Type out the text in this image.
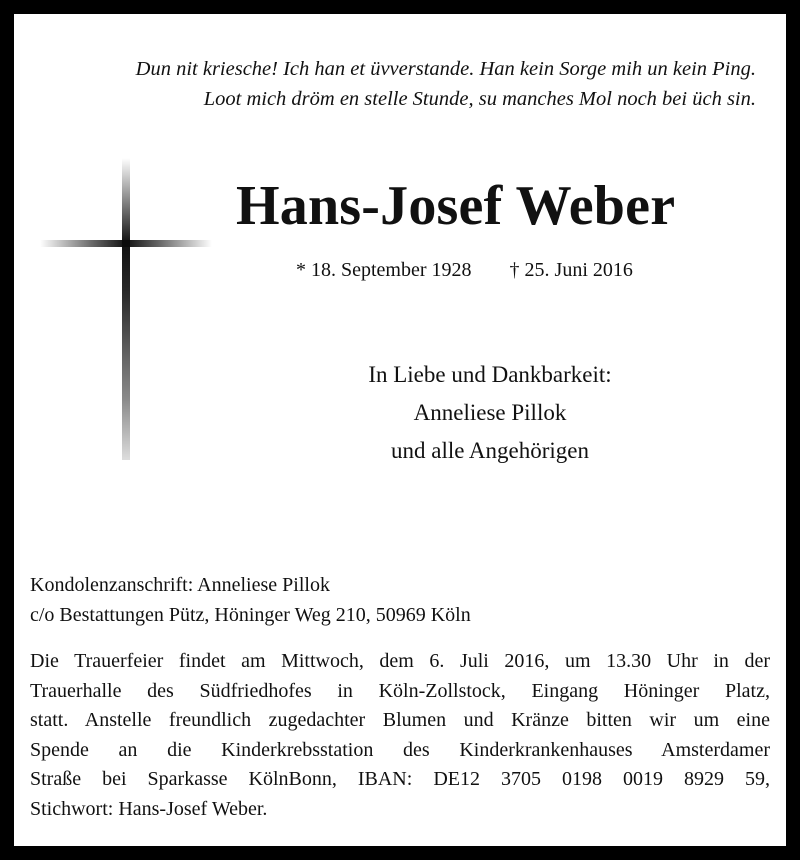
Dun nit kriesche! Ich han et üvverstande. Han kein Sorge mih un kein Ping.
Loot mich dröm en stelle Stunde, su manches Mol noch bei üch sin.
Hans-Josef Weber
* 18. September 1928 † 25. Juni 2016
In Liebe und Dankbarkeit:
Anneliese Pillok
und alle Angehörigen
Kondolenzanschrift: Anneliese Pillok
c/o Bestattungen Pütz, Höninger Weg 210, 50969 Köln
Die Trauerfeier findet am Mittwoch, dem 6. Juli 2016, um 13.30 Uhr in der
Trauerhalle des Südfriedhofes in Köln-Zollstock, Eingang Höninger Platz,
statt. Anstelle freundlich zugedachter Blumen und Kränze bitten wir um eine
Spende an die Kinderkrebsstation des Kinderkrankenhauses Amsterdamer
Straße bei Sparkasse KölnBonn, IBAN: DE12 3705 0198 0019 8929 59,
Stichwort: Hans-Josef Weber.
